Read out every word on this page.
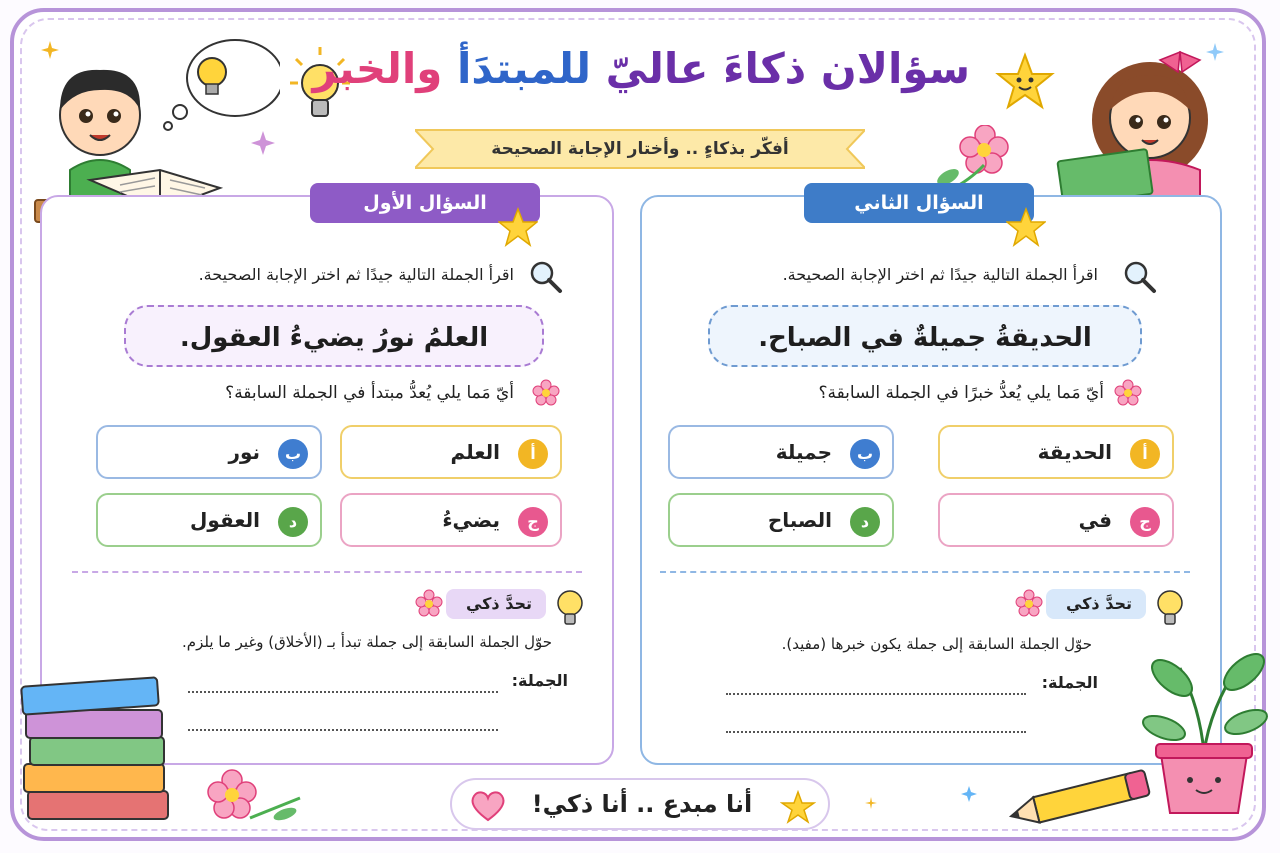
سؤالان ذكاءَ عاليّ للمبتدَأ والخبر
أفكّر بذكاءٍ .. وأختار الإجابة الصحيحة
السؤال الأول
اقرأ الجملة التالية جيدًا ثم اختر الإجابة الصحيحة.
العلمُ نورُ يضيءُ العقول.
أيّ مَما يلي يُعدُّ مبتدأ في الجملة السابقة؟
أ
العلم
ب
نور
ج
يضيءُ
د
العقول
تحدَّ ذكي
حوّل الجملة السابقة إلى جملة تبدأ بـ (الأخلاق) وغير ما يلزم.
الجملة:
السؤال الثاني
اقرأ الجملة التالية جيدًا ثم اختر الإجابة الصحيحة.
الحديقةُ جميلةٌ في الصباح.
أيّ مَما يلي يُعدُّ خبرًا في الجملة السابقة؟
أ
الحديقة
ب
جميلة
ج
في
د
الصباح
تحدَّ ذكي
حوّل الجملة السابقة إلى جملة يكون خبرها (مفيد).
الجملة:
أنا مبدع .. أنا ذكي!
